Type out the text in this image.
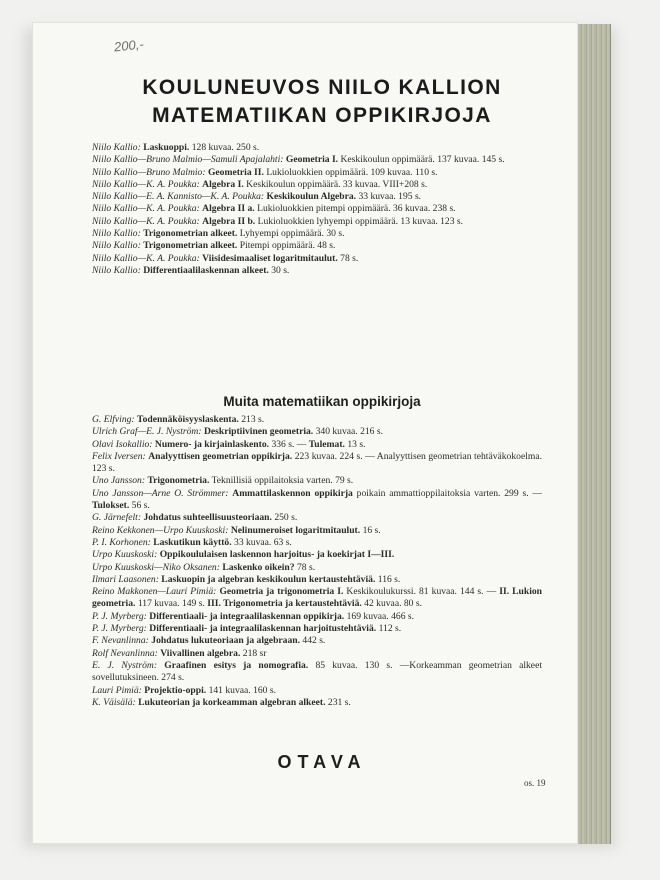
200,-
KOULUNEUVOS NIILO KALLION
MATEMATIIKAN OPPIKIRJOJA

Niilo Kallio: Laskuoppi. 128 kuvaa. 250 s.

Niilo Kallio—Bruno Malmio—Samuli Apajalahti: Geometria I. Keskikoulun oppimäärä. 137 kuvaa. 145 s.

Niilo Kallio—Bruno Malmio: Geometria II. Lukioluokkien oppimäärä. 109 kuvaa. 110 s.

Niilo Kallio—K. A. Poukka: Algebra I. Keskikoulun oppimäärä. 33 kuvaa. VIII+208 s.

Niilo Kallio—E. A. Kannisto—K. A. Poukka: Keskikoulun Algebra. 33 kuvaa. 195 s.

Niilo Kallio—K. A. Poukka: Algebra II a. Lukioluokkien pitempi oppimäärä. 36 kuvaa. 238 s.

Niilo Kallio—K. A. Poukka: Algebra II b. Lukioluokkien lyhyempi oppimäärä. 13 kuvaa. 123 s.

Niilo Kallio: Trigonometrian alkeet. Lyhyempi oppimäärä. 30 s.

Niilo Kallio: Trigonometrian alkeet. Pitempi oppimäärä. 48 s.

Niilo Kallio—K. A. Poukka: Viisidesimaaliset logaritmitaulut. 78 s.

Niilo Kallio: Differentiaalilaskennan alkeet. 30 s.

Muita matematiikan oppikirjoja

G. Elfving: Todennäköisyyslaskenta. 213 s.

Ulrich Graf—E. J. Nyström: Deskriptiivinen geometria. 340 kuvaa. 216 s.

Olavi Isokallio: Numero- ja kirjainlaskento. 336 s. — Tulemat. 13 s.

Felix Iversen: Analyyttisen geometrian oppikirja. 223 kuvaa. 224 s. — Analyyttisen geometrian tehtäväkokoelma. 123 s.

Uno Jansson: Trigonometria. Teknillisiä oppilaitoksia varten. 79 s.

Uno Jansson—Arne O. Strömmer: Ammattilaskennon oppikirja poikain ammattioppilaitoksia varten. 299 s. — Tulokset. 56 s.

G. Järnefelt: Johdatus suhteellisuusteoriaan. 250 s.

Reino Kekkonen—Urpo Kuuskoski: Nelinumeroiset logaritmitaulut. 16 s.

P. I. Korhonen: Laskutikun käyttö. 33 kuvaa. 63 s.

Urpo Kuuskoski: Oppikoululaisen laskennon harjoitus- ja koekirjat I—III.

Urpo Kuuskoski—Niko Oksanen: Laskenko oikein? 78 s.

Ilmari Laasonen: Laskuopin ja algebran keskikoulun kertaustehtäviä. 116 s.

Reino Makkonen—Lauri Pimiä: Geometria ja trigonometria I. Keskikoulukurssi. 81 kuvaa. 144 s. — II. Lukion geometria. 117 kuvaa. 149 s. III. Trigonometria ja kertaustehtäviä. 42 kuvaa. 80 s.

P. J. Myrberg: Differentiaali- ja integraalilaskennan oppikirja. 169 kuvaa. 466 s.

P. J. Myrberg: Differentiaali- ja integraalilaskennan harjoitustehtäviä. 112 s.

F. Nevanlinna: Johdatus lukuteoriaan ja algebraan. 442 s.

Rolf Nevanlinna: Viivallinen algebra. 218 sr

E. J. Nyström: Graafinen esitys ja nomografia. 85 kuvaa. 130 s. —Korkeamman geometrian alkeet sovellutuksineen. 274 s.

Lauri Pimiä: Projektio-oppi. 141 kuvaa. 160 s.

K. Väisälä: Lukuteorian ja korkeamman algebran alkeet. 231 s.

OTAVA
os. 19
